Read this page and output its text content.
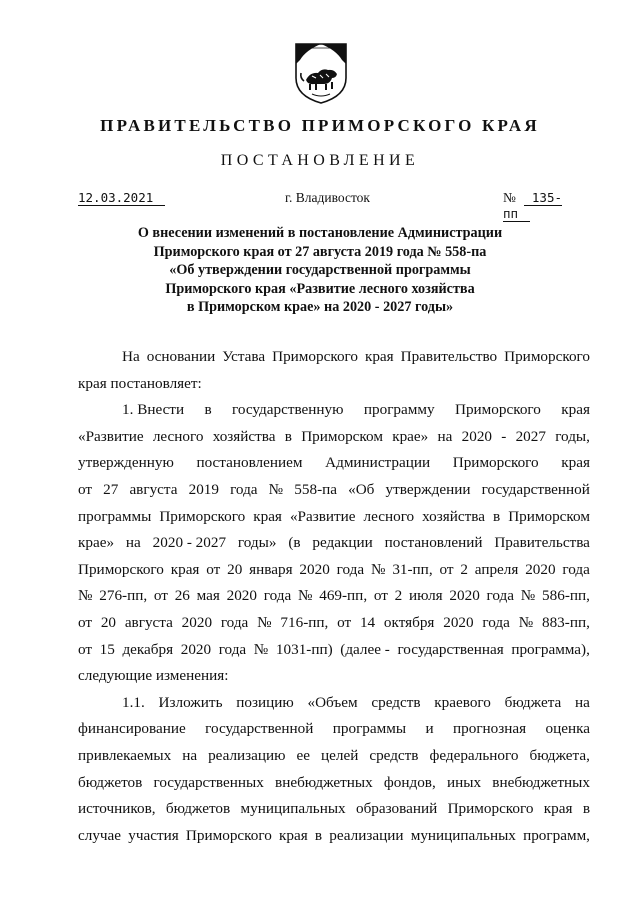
ПРАВИТЕЛЬСТВО ПРИМОРСКОГО КРАЯ
ПОСТАНОВЛЕНИЕ
12.03.2021	г. Владивосток	№ 135-пп
О внесении изменений в постановление Администрации
Приморского края от 27 августа 2019 года № 558-па
«Об утверждении государственной программы
Приморского края «Развитие лесного хозяйства
в Приморском крае» на 2020 - 2027 годы»
На основании Устава Приморского края Правительство Приморского
края постановляет:
1. Внести в государственную программу Приморского края
«Развитие лесного хозяйства в Приморском крае» на 2020 - 2027 годы,
утвержденную постановлением Администрации Приморского края
от 27 августа 2019 года № 558-па «Об утверждении государственной
программы Приморского края «Развитие лесного хозяйства в Приморском
крае» на 2020 - 2027 годы» (в редакции постановлений Правительства
Приморского края от 20 января 2020 года № 31-пп, от 2 апреля 2020 года
№ 276-пп, от 26 мая 2020 года № 469-пп, от 2 июля 2020 года № 586-пп,
от 20 августа 2020 года № 716-пп, от 14 октября 2020 года № 883-пп,
от 15 декабря 2020 года № 1031-пп) (далее - государственная программа),
следующие изменения:
1.1. Изложить позицию «Объем средств краевого бюджета на
финансирование государственной программы и прогнозная оценка
привлекаемых на реализацию ее целей средств федерального бюджета,
бюджетов государственных внебюджетных фондов, иных внебюджетных
источников, бюджетов муниципальных образований Приморского края в
случае участия Приморского края в реализации муниципальных программ,
